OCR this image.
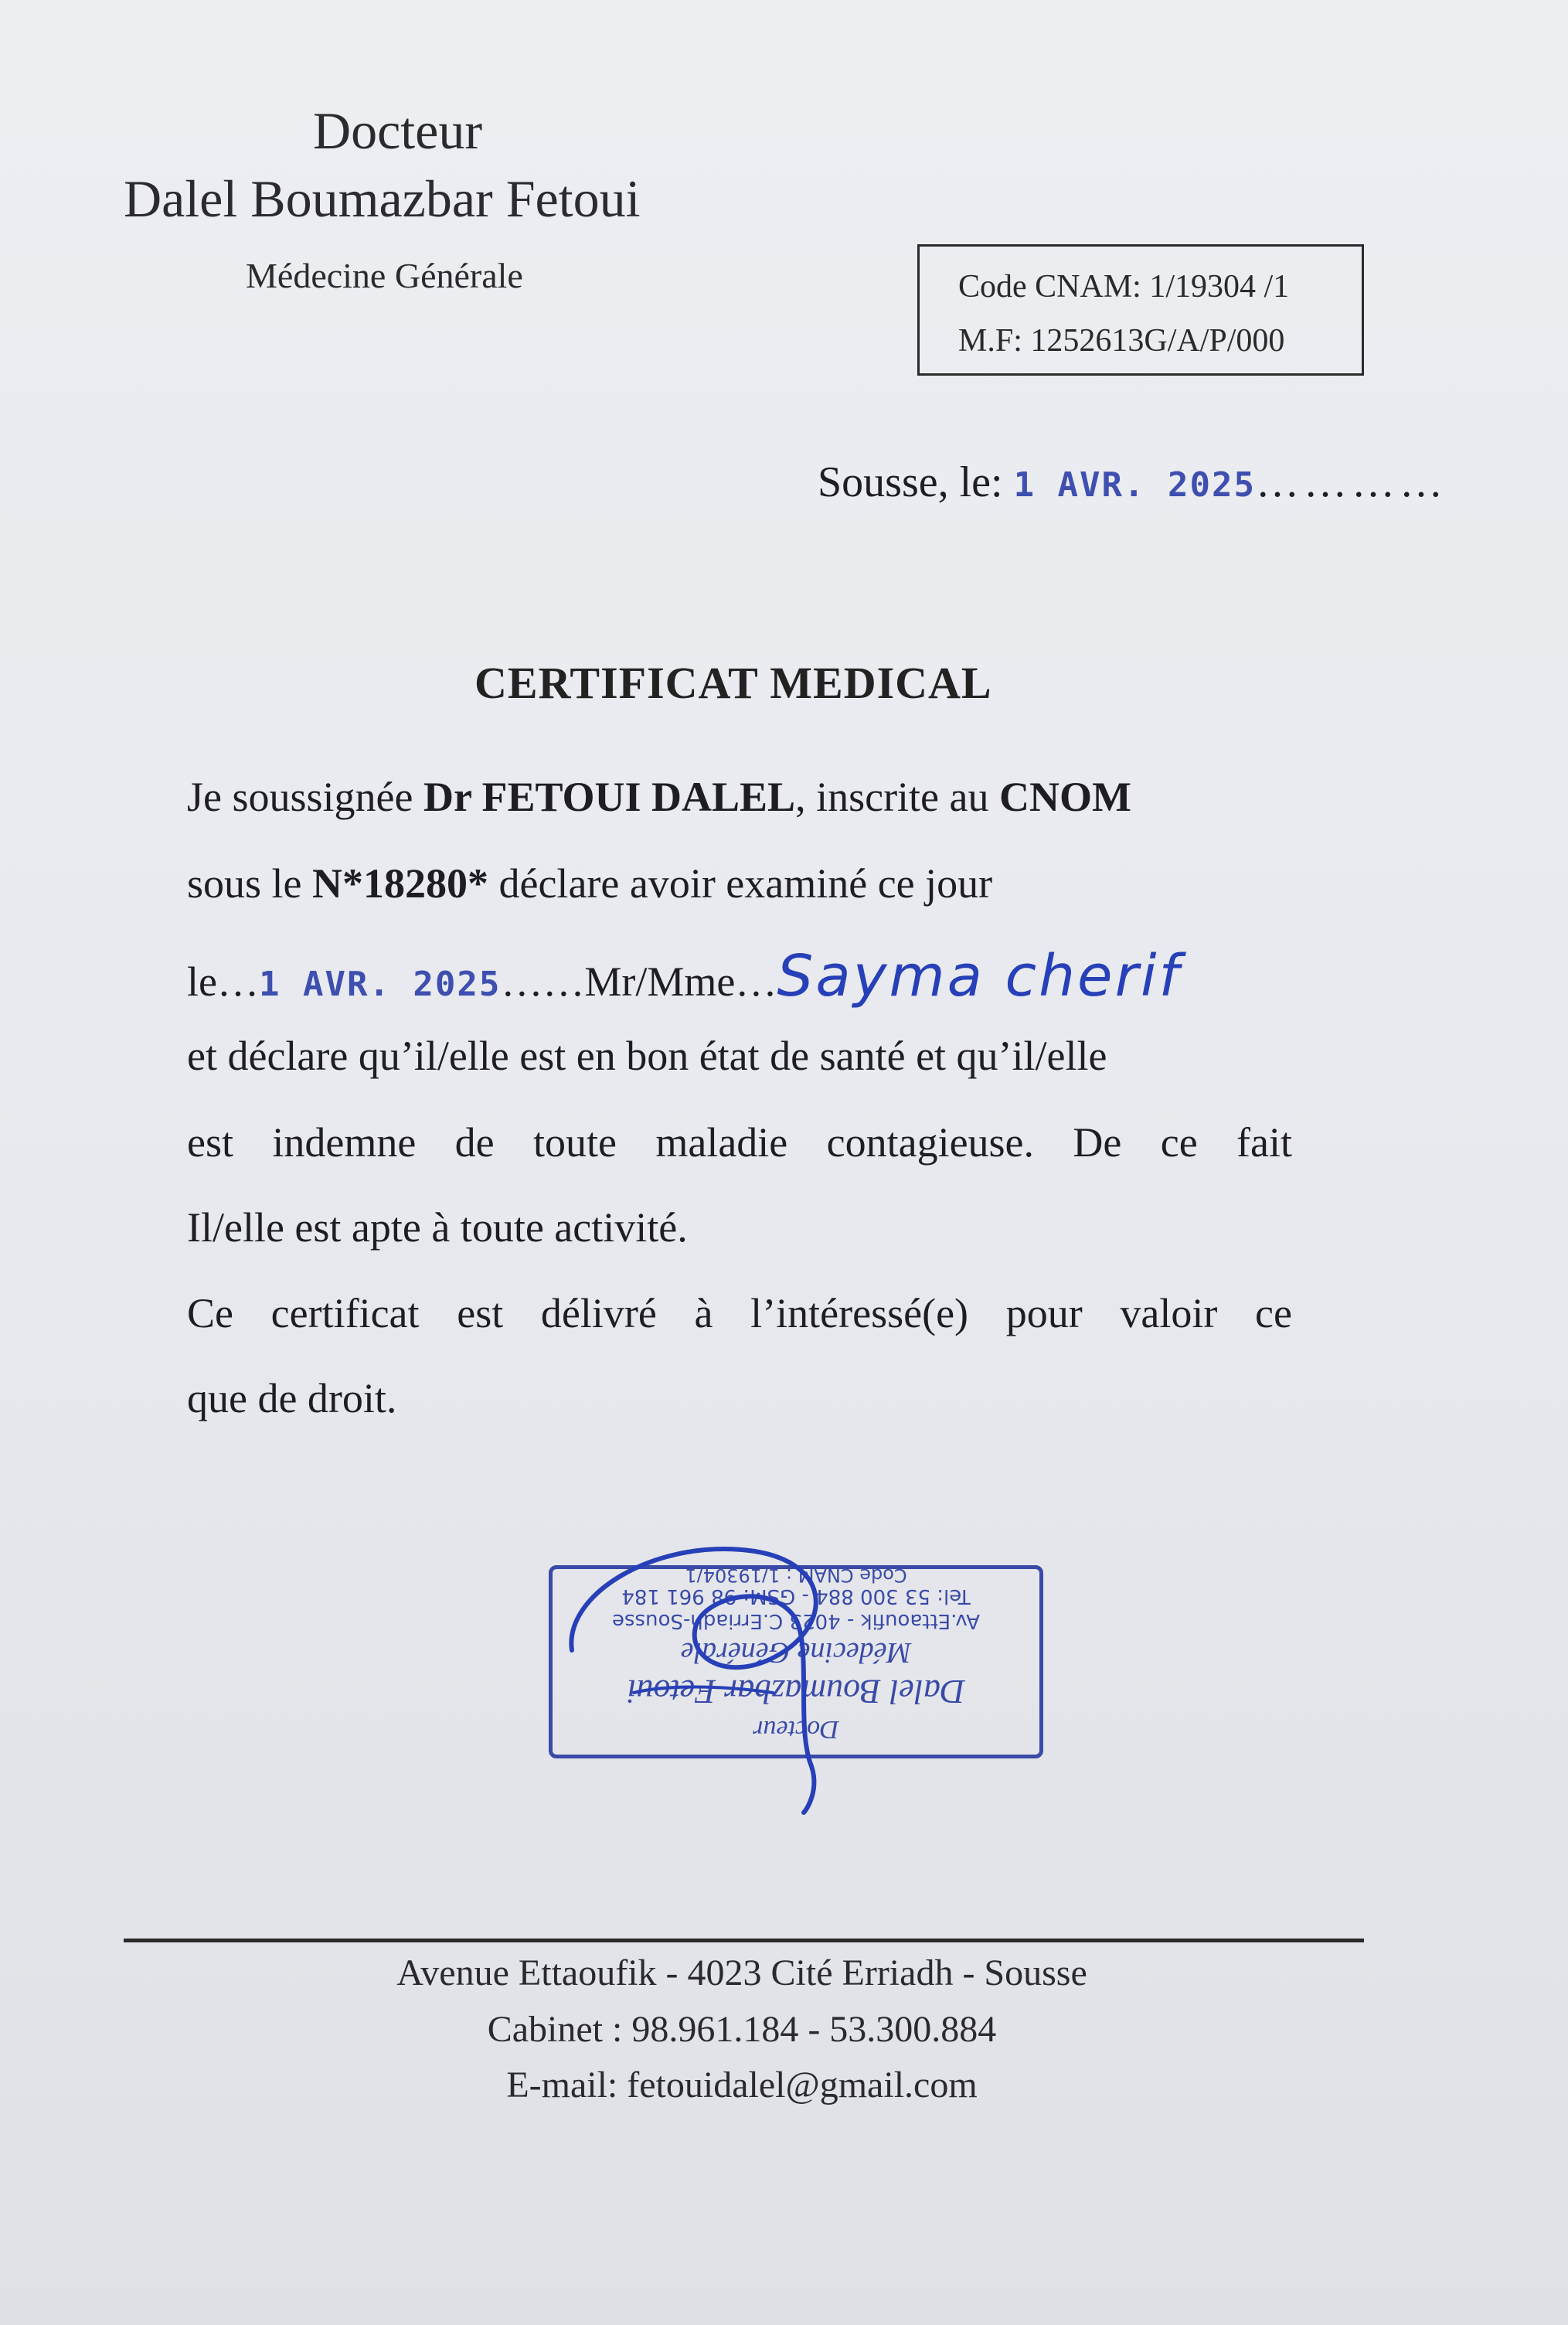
Docteur
Dalel Boumazbar Fetoui
Médecine Générale	Code CNAM: 1/19304 /1
M.F: 1252613G/A/P/000
Sousse, le: 1 AVR. 2025…………
CERTIFICAT MEDICAL
Je soussignée Dr FETOUI DALEL, inscrite au CNOM
sous le N*18280* déclare avoir examiné ce jour
le…1 AVR. 2025……Mr/Mme…Sayma cherif
et déclare qu’il/elle est en bon état de santé et qu’il/elle
est indemne de toute maladie contagieuse. De ce fait
Il/elle est apte à toute activité.
Ce certificat est délivré à l’intéressé(e) pour valoir ce
que de droit.
Docteur
Dalel Boumazbar Fetoui
Médecine Générale
Av.Ettaoufik - 4023 C.Erriadh-Sousse
Tel: 53 300 884 - GSM: 98 961 184
Code CNAM : 1/19304/1
Avenue Ettaoufik - 4023 Cité Erriadh - Sousse
Cabinet : 98.961.184 - 53.300.884
E-mail: fetouidalel@gmail.com
